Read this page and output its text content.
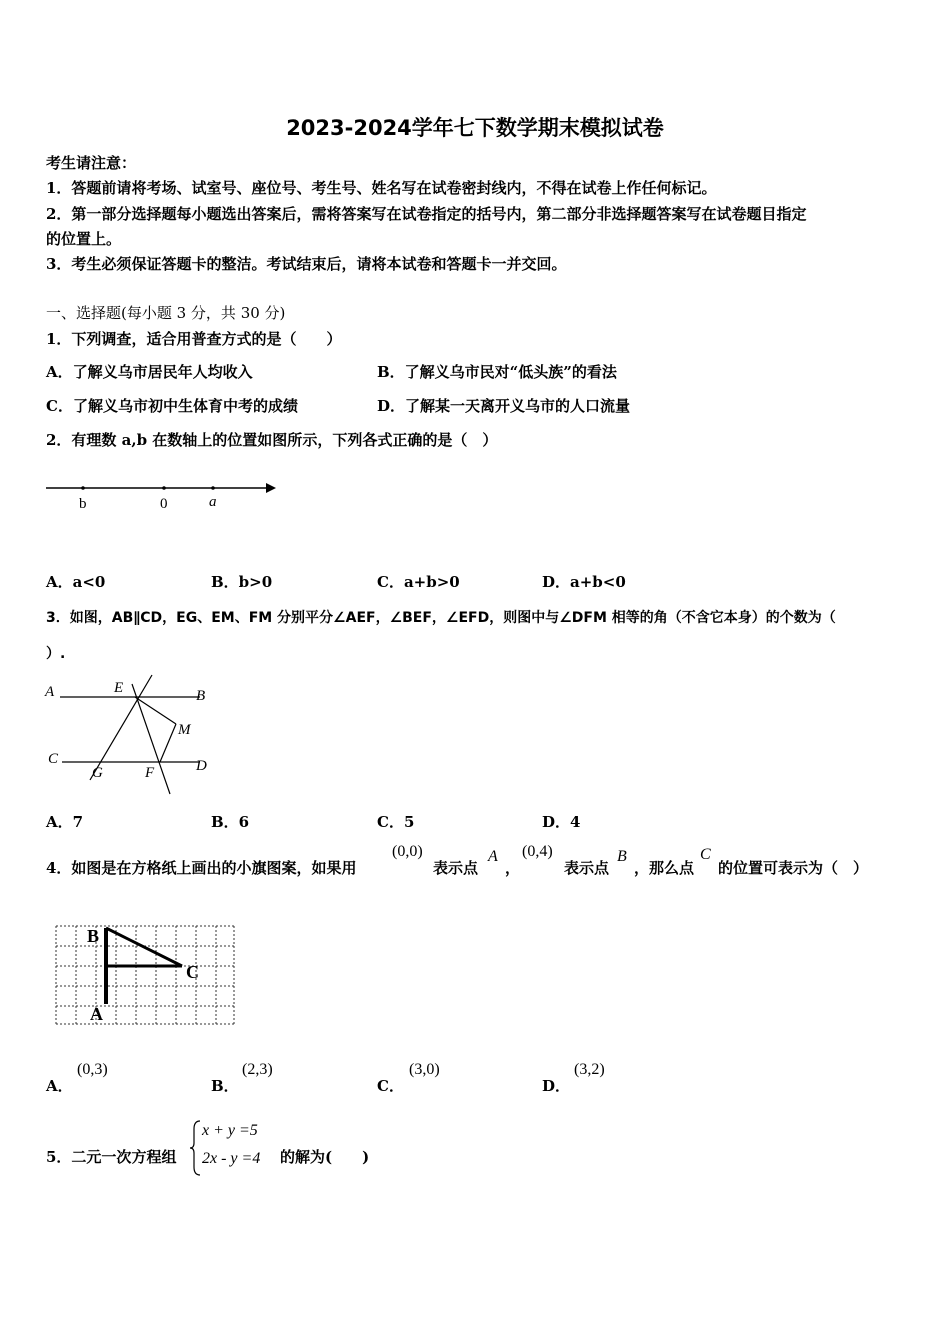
2023-2024学年七下数学期末模拟试卷
考生请注意：
1．答题前请将考场、试室号、座位号、考生号、姓名写在试卷密封线内，不得在试卷上作任何标记。
2．第一部分选择题每小题选出答案后，需将答案写在试卷指定的括号内，第二部分非选择题答案写在试卷题目指定
的位置上。
3．考生必须保证答题卡的整洁。考试结束后，请将本试卷和答题卡一并交回。
一、选择题(每小题 3 分，共 30 分)
1．下列调查，适合用普查方式的是（　　）
A．了解义乌市居民年人均收入	B．了解义乌市民对“低头族”的看法
C．了解义乌市初中生体育中考的成绩	D．了解某一天离开义乌市的人口流量
2．有理数 a,b 在数轴上的位置如图所示，下列各式正确的是（　）
b	0	a
A．a<0	B．b>0	C．a+b>0	D．a+b<0
3．如图，AB∥CD，EG、EM、FM 分别平分∠AEF，∠BEF，∠EFD，则图中与∠DFM 相等的角（不含它本身）的个数为（
）.
A	E	B
M
C
G	F	D
A．7	B．6	C．5	D．4
4．如图是在方格纸上画出的小旗图案，如果用
(0,0)
表示点
A
，
(0,4)
表示点
B
，那么点
C
的位置可表示为（　）
B
C
A
A．
(0,3)
B．
(2,3)
C．
(3,0)
D．
(3,2)
5．二元一次方程组
x + y =5
2x - y =4 的解为(　　)
